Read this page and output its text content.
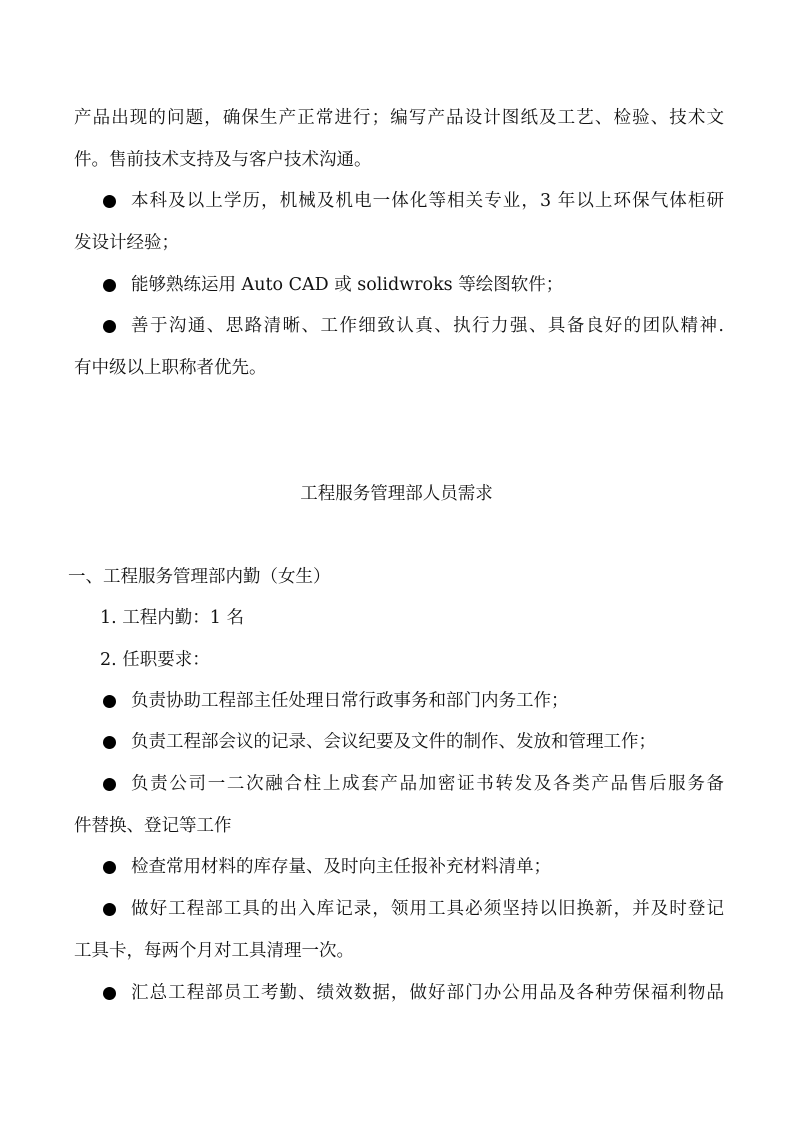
产品出现的问题，确保生产正常进行；编写产品设计图纸及工艺、检验、技术文
件。售前技术支持及与客户技术沟通。
本科及以上学历，机械及机电一体化等相关专业，3 年以上环保气体柜研
发设计经验；
能够熟练运用 Auto CAD 或 solidwroks 等绘图软件；
善于沟通、思路清晰、工作细致认真、执行力强、具备良好的团队精神.
有中级以上职称者优先。
工程服务管理部人员需求
一、工程服务管理部内勤（女生）
1. 工程内勤：1 名
2. 任职要求：
负责协助工程部主任处理日常行政事务和部门内务工作；
负责工程部会议的记录、会议纪要及文件的制作、发放和管理工作；
负责公司一二次融合柱上成套产品加密证书转发及各类产品售后服务备
件替换、登记等工作
检查常用材料的库存量、及时向主任报补充材料清单；
做好工程部工具的出入库记录，领用工具必须坚持以旧换新，并及时登记
工具卡，每两个月对工具清理一次。
汇总工程部员工考勤、绩效数据，做好部门办公用品及各种劳保福利物品
